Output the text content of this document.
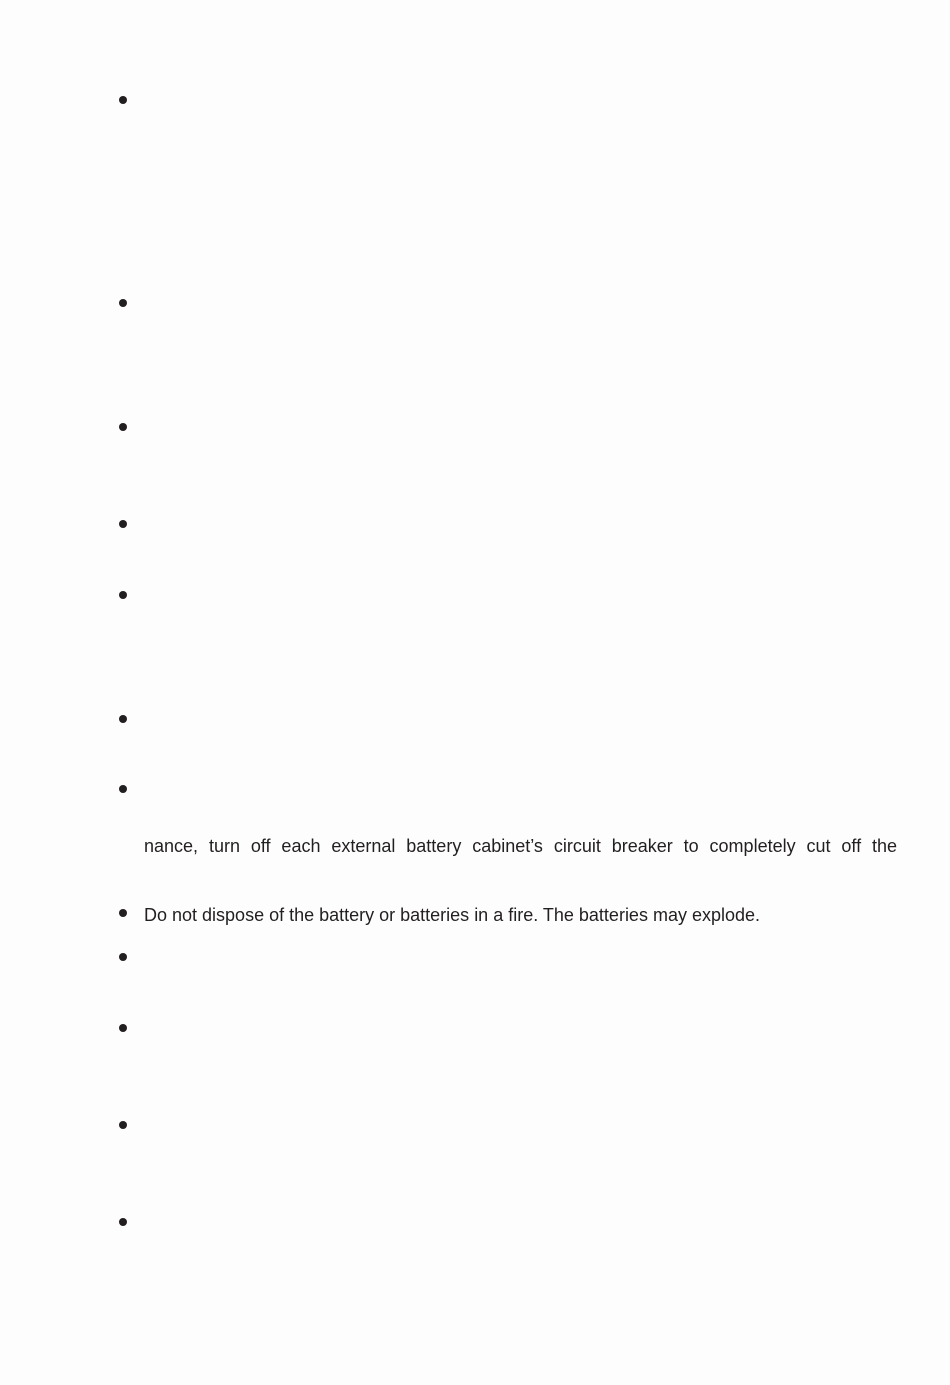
nance, turn off each external battery cabinet’s circuit breaker to completely cut off the
Do not dispose of the battery or batteries in a fire. The batteries may explode.
